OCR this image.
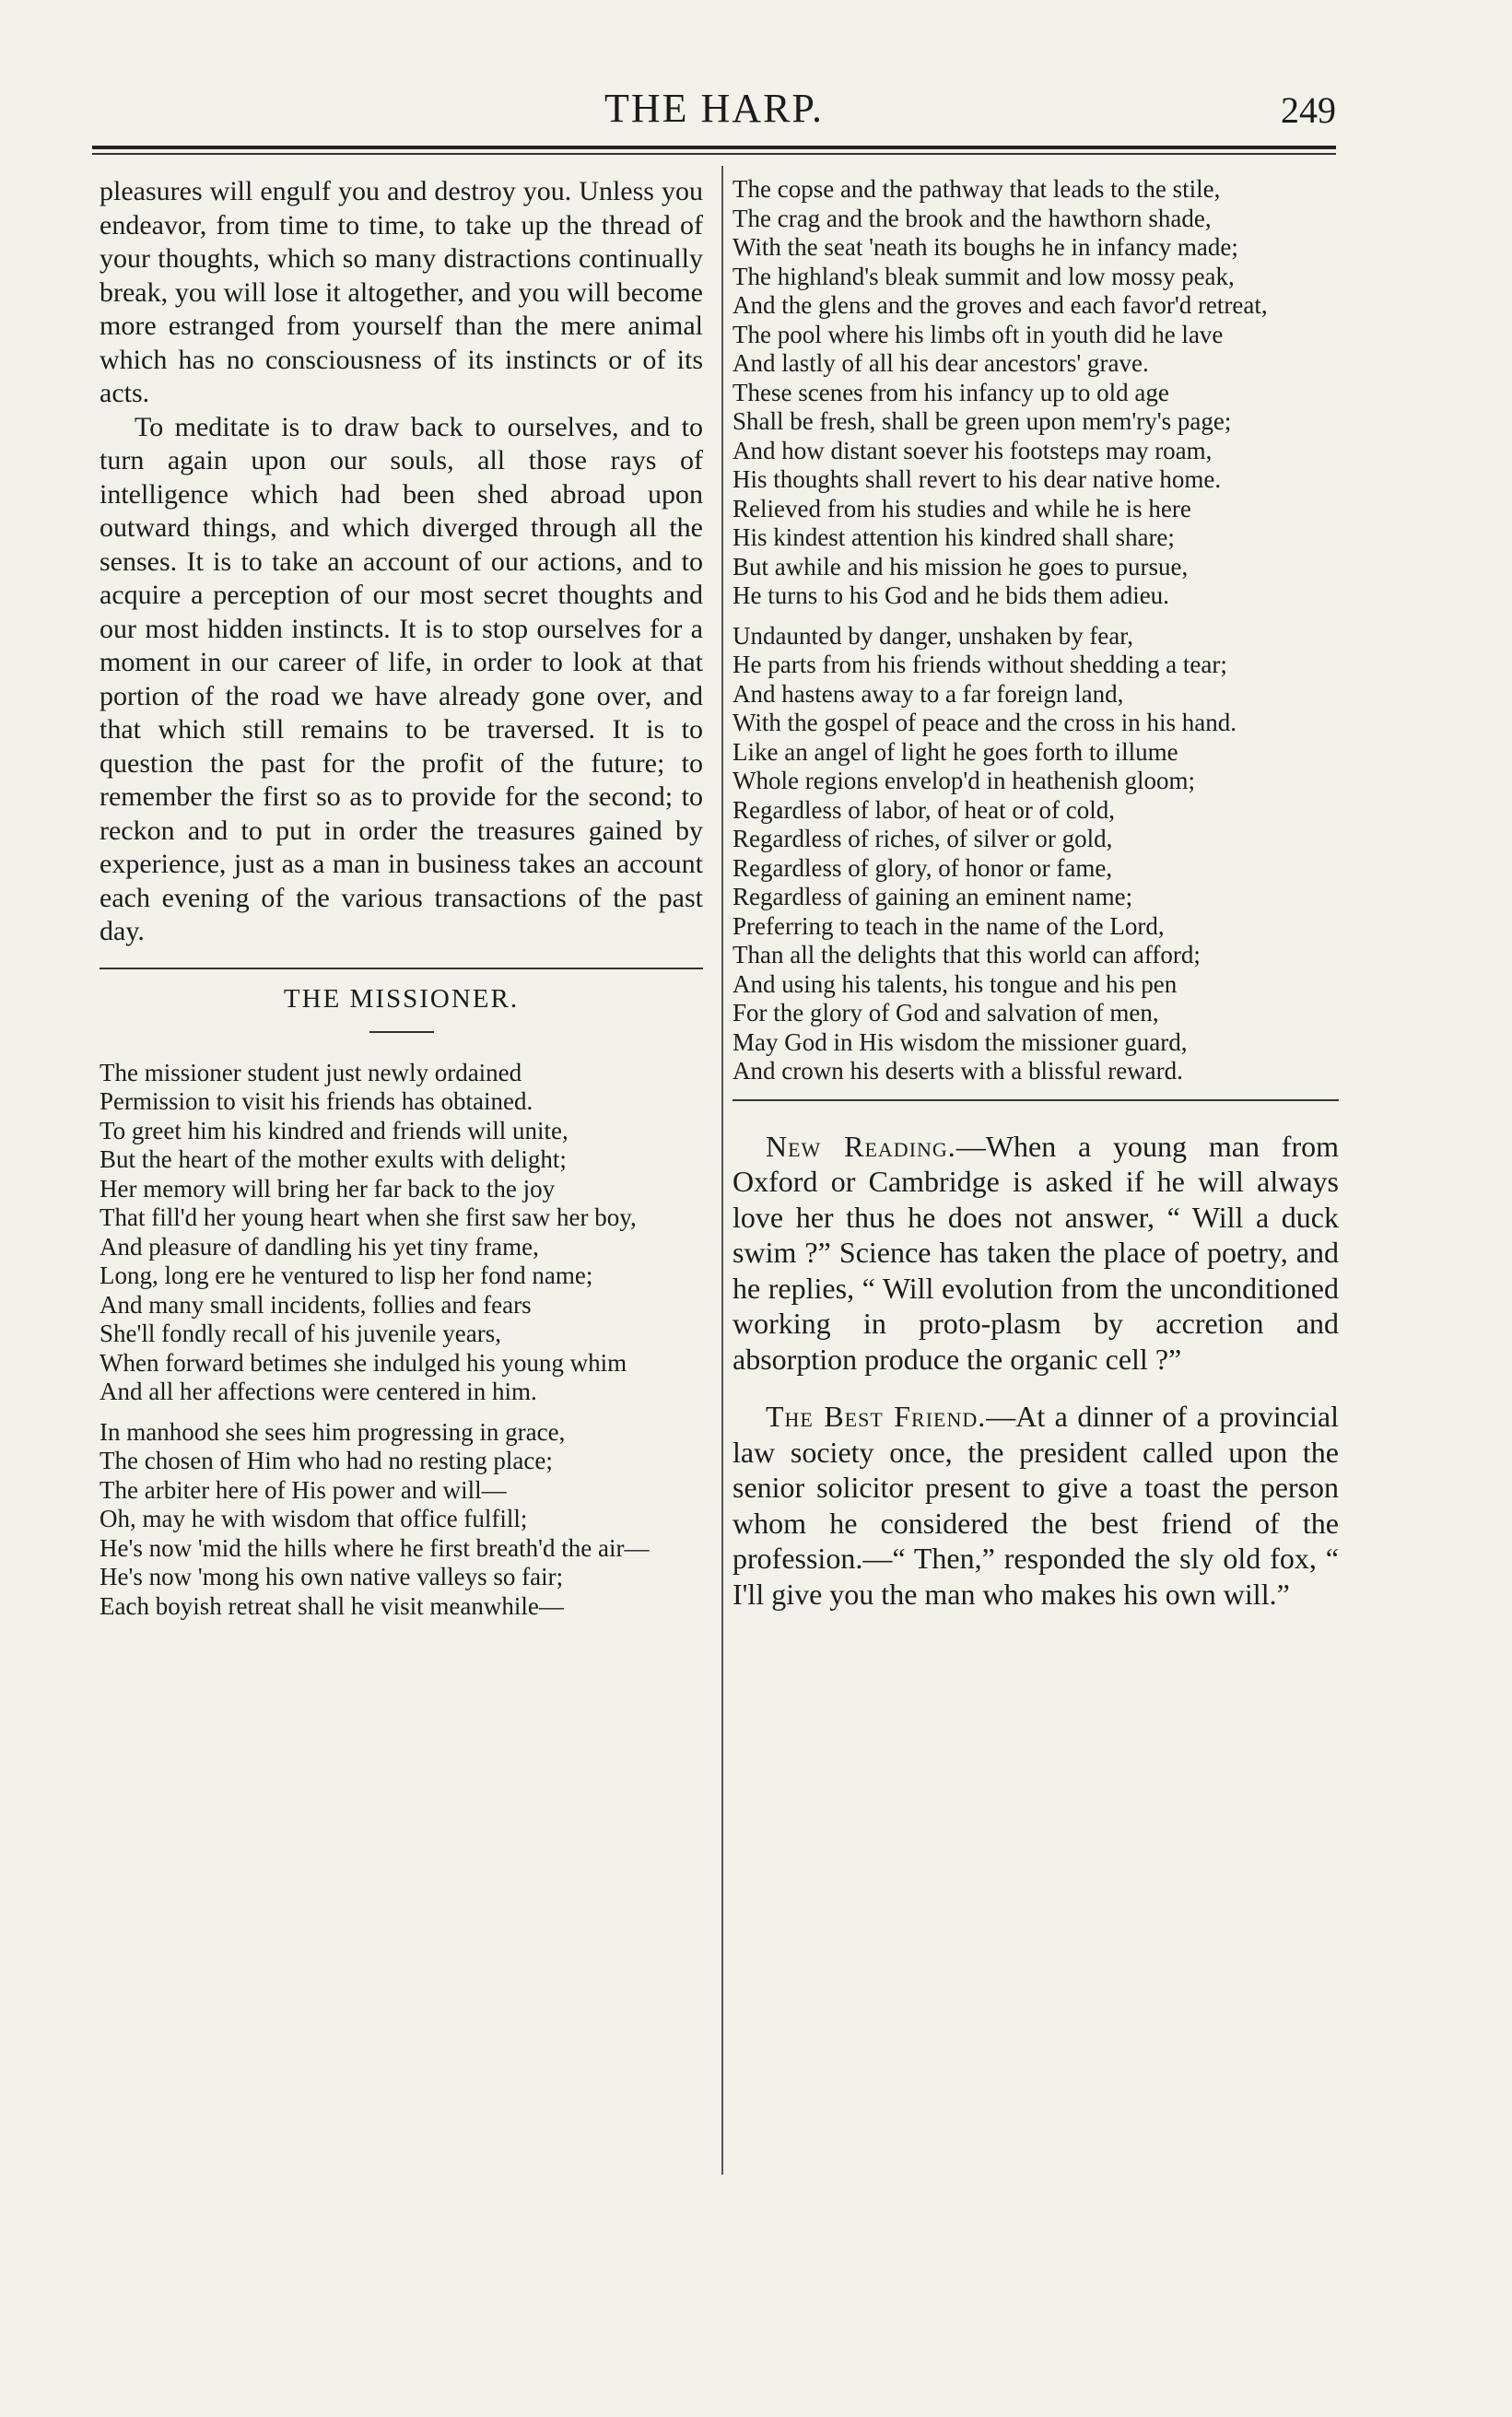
THE HARP.	249

pleasures will engulf you and destroy you. Unless you endeavor, from time to time, to take up the thread of your thoughts, which so many distractions continually break, you will lose it altogether, and you will become more estranged from yourself than the mere animal which has no consciousness of its instincts or of its acts.

To meditate is to draw back to ourselves, and to turn again upon our souls, all those rays of intelligence which had been shed abroad upon outward things, and which diverged through all the senses. It is to take an account of our actions, and to acquire a perception of our most secret thoughts and our most hidden instincts. It is to stop ourselves for a moment in our career of life, in order to look at that portion of the road we have already gone over, and that which still remains to be traversed. It is to question the past for the profit of the future; to remember the first so as to provide for the second; to reckon and to put in order the treasures gained by experience, just as a man in business takes an account each evening of the various transactions of the past day.

THE MISSIONER.
The missioner student just newly ordained
Permission to visit his friends has obtained.
To greet him his kindred and friends will unite,
But the heart of the mother exults with delight;
Her memory will bring her far back to the joy
That fill'd her young heart when she first saw her boy,
And pleasure of dandling his yet tiny frame,
Long, long ere he ventured to lisp her fond name;
And many small incidents, follies and fears
She'll fondly recall of his juvenile years,
When forward betimes she indulged his young whim
And all her affections were centered in him.
In manhood she sees him progressing in grace,
The chosen of Him who had no resting place;
The arbiter here of His power and will—
Oh, may he with wisdom that office fulfill;
He's now 'mid the hills where he first breath'd the air—
He's now 'mong his own native valleys so fair;
Each boyish retreat shall he visit meanwhile—
The copse and the pathway that leads to the stile,
The crag and the brook and the hawthorn shade,
With the seat 'neath its boughs he in infancy made;
The highland's bleak summit and low mossy peak,
And the glens and the groves and each favor'd retreat,
The pool where his limbs oft in youth did he lave
And lastly of all his dear ancestors' grave.
These scenes from his infancy up to old age
Shall be fresh, shall be green upon mem'ry's page;
And how distant soever his footsteps may roam,
His thoughts shall revert to his dear native home.
Relieved from his studies and while he is here
His kindest attention his kindred shall share;
But awhile and his mission he goes to pursue,
He turns to his God and he bids them adieu.
Undaunted by danger, unshaken by fear,
He parts from his friends without shedding a tear;
And hastens away to a far foreign land,
With the gospel of peace and the cross in his hand.
Like an angel of light he goes forth to illume
Whole regions envelop'd in heathenish gloom;
Regardless of labor, of heat or of cold,
Regardless of riches, of silver or gold,
Regardless of glory, of honor or fame,
Regardless of gaining an eminent name;
Preferring to teach in the name of the Lord,
Than all the delights that this world can afford;
And using his talents, his tongue and his pen
For the glory of God and salvation of men,
May God in His wisdom the missioner guard,
And crown his deserts with a blissful reward.

New Reading.—When a young man from Oxford or Cambridge is asked if he will always love her thus he does not answer, “ Will a duck swim ?” Science has taken the place of poetry, and he replies, “ Will evolution from the unconditioned working in proto-plasm by accretion and absorption produce the organic cell ?”

The Best Friend.—At a dinner of a provincial law society once, the president called upon the senior solicitor present to give a toast the person whom he considered the best friend of the profession.—“ Then,” responded the sly old fox, “ I'll give you the man who makes his own will.”
